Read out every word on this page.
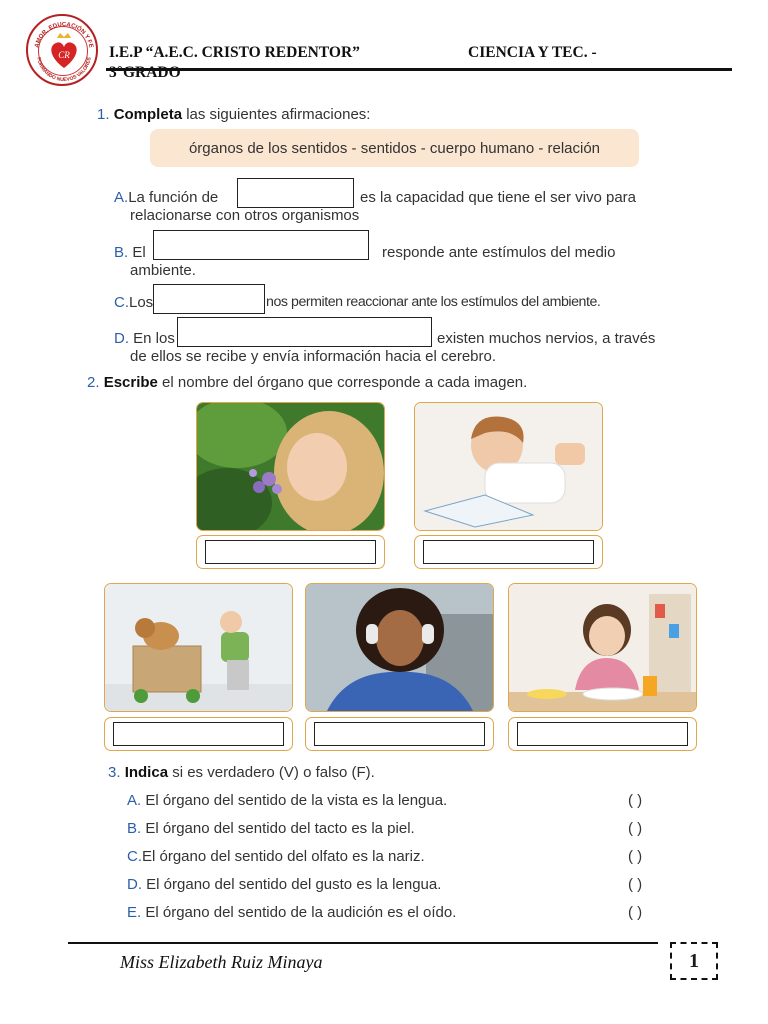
AMOR, EDUCACIÓN Y FE
FORMANDO NUEVOS VALORES
CR	I.E.P “A.E.C. CRISTO REDENTOR”	CIENCIA Y TEC. -
3°GRADO
1. Completa las siguientes afirmaciones:
órganos de los sentidos - sentidos - cuerpo humano - relación
A.La función de	es la capacidad que tiene el ser vivo para
relacionarse con otros organismos
B. El	responde ante estímulos del medio
ambiente.
C.Los	nos permiten reaccionar ante los estímulos del ambiente.
D. En los	existen muchos nervios, a través
de ellos se recibe y envía información hacia el cerebro.
2. Escribe el nombre del órgano que corresponde a cada imagen.
3. Indica si es verdadero (V) o falso (F).
A. El órgano del sentido de la vista es la lengua.	( )
B. El órgano del sentido del tacto es la piel.	( )
C.El órgano del sentido del olfato es la nariz.	( )
D. El órgano del sentido del gusto es la lengua.	( )
E. El órgano del sentido de la audición es el oído.	( )
Miss Elizabeth Ruiz Minaya	1
